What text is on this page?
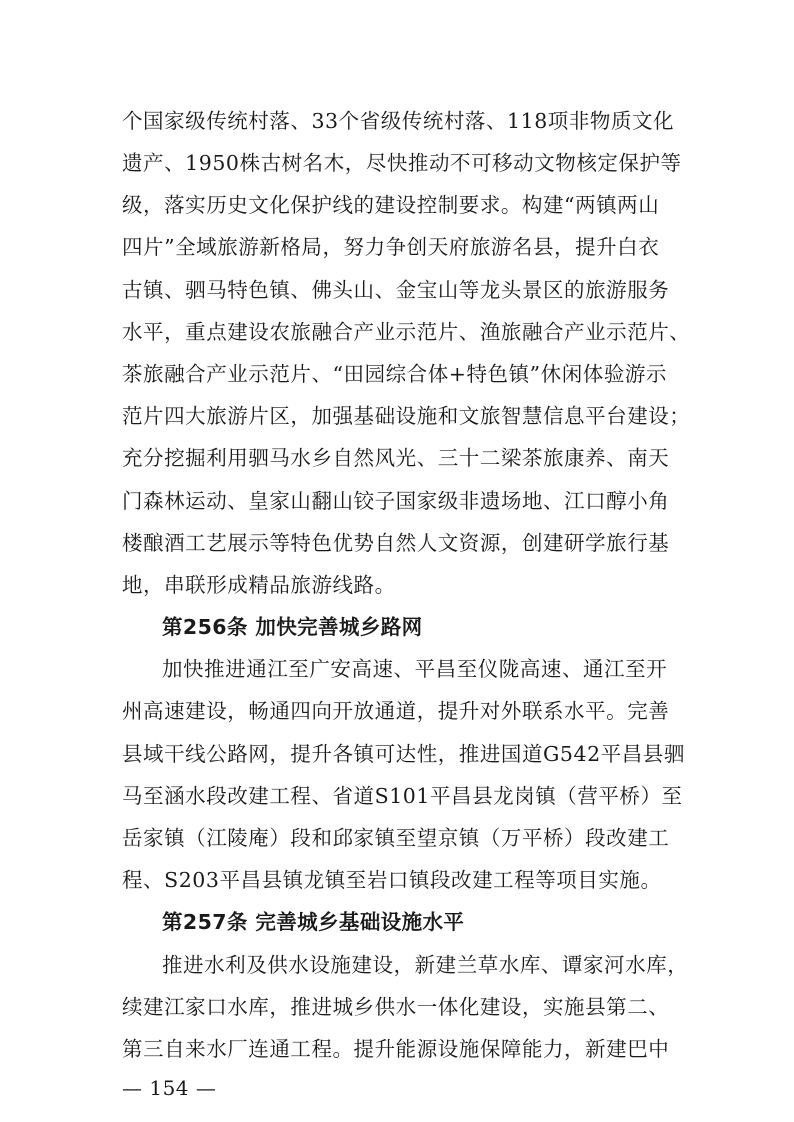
个国家级传统村落、33个省级传统村落、118项非物质文化
遗产、1950株古树名木，尽快推动不可移动文物核定保护等
级，落实历史文化保护线的建设控制要求。构建“两镇两山
四片”全域旅游新格局，努力争创天府旅游名县，提升白衣
古镇、驷马特色镇、佛头山、金宝山等龙头景区的旅游服务
水平，重点建设农旅融合产业示范片、渔旅融合产业示范片、
茶旅融合产业示范片、“田园综合体+特色镇”休闲体验游示
范片四大旅游片区，加强基础设施和文旅智慧信息平台建设；
充分挖掘利用驷马水乡自然风光、三十二梁茶旅康养、南天
门森林运动、皇家山翻山铰子国家级非遗场地、江口醇小角
楼酿酒工艺展示等特色优势自然人文资源，创建研学旅行基
地，串联形成精品旅游线路。
第256条 加快完善城乡路网
加快推进通江至广安高速、平昌至仪陇高速、通江至开
州高速建设，畅通四向开放通道，提升对外联系水平。完善
县域干线公路网，提升各镇可达性，推进国道G542平昌县驷
马至涵水段改建工程、省道S101平昌县龙岗镇（营平桥）至
岳家镇（江陵庵）段和邱家镇至望京镇（万平桥）段改建工
程、S203平昌县镇龙镇至岩口镇段改建工程等项目实施。
第257条 完善城乡基础设施水平
推进水利及供水设施建设，新建兰草水库、谭家河水库，
续建江家口水库，推进城乡供水一体化建设，实施县第二、
第三自来水厂连通工程。提升能源设施保障能力，新建巴中
— 154 —
